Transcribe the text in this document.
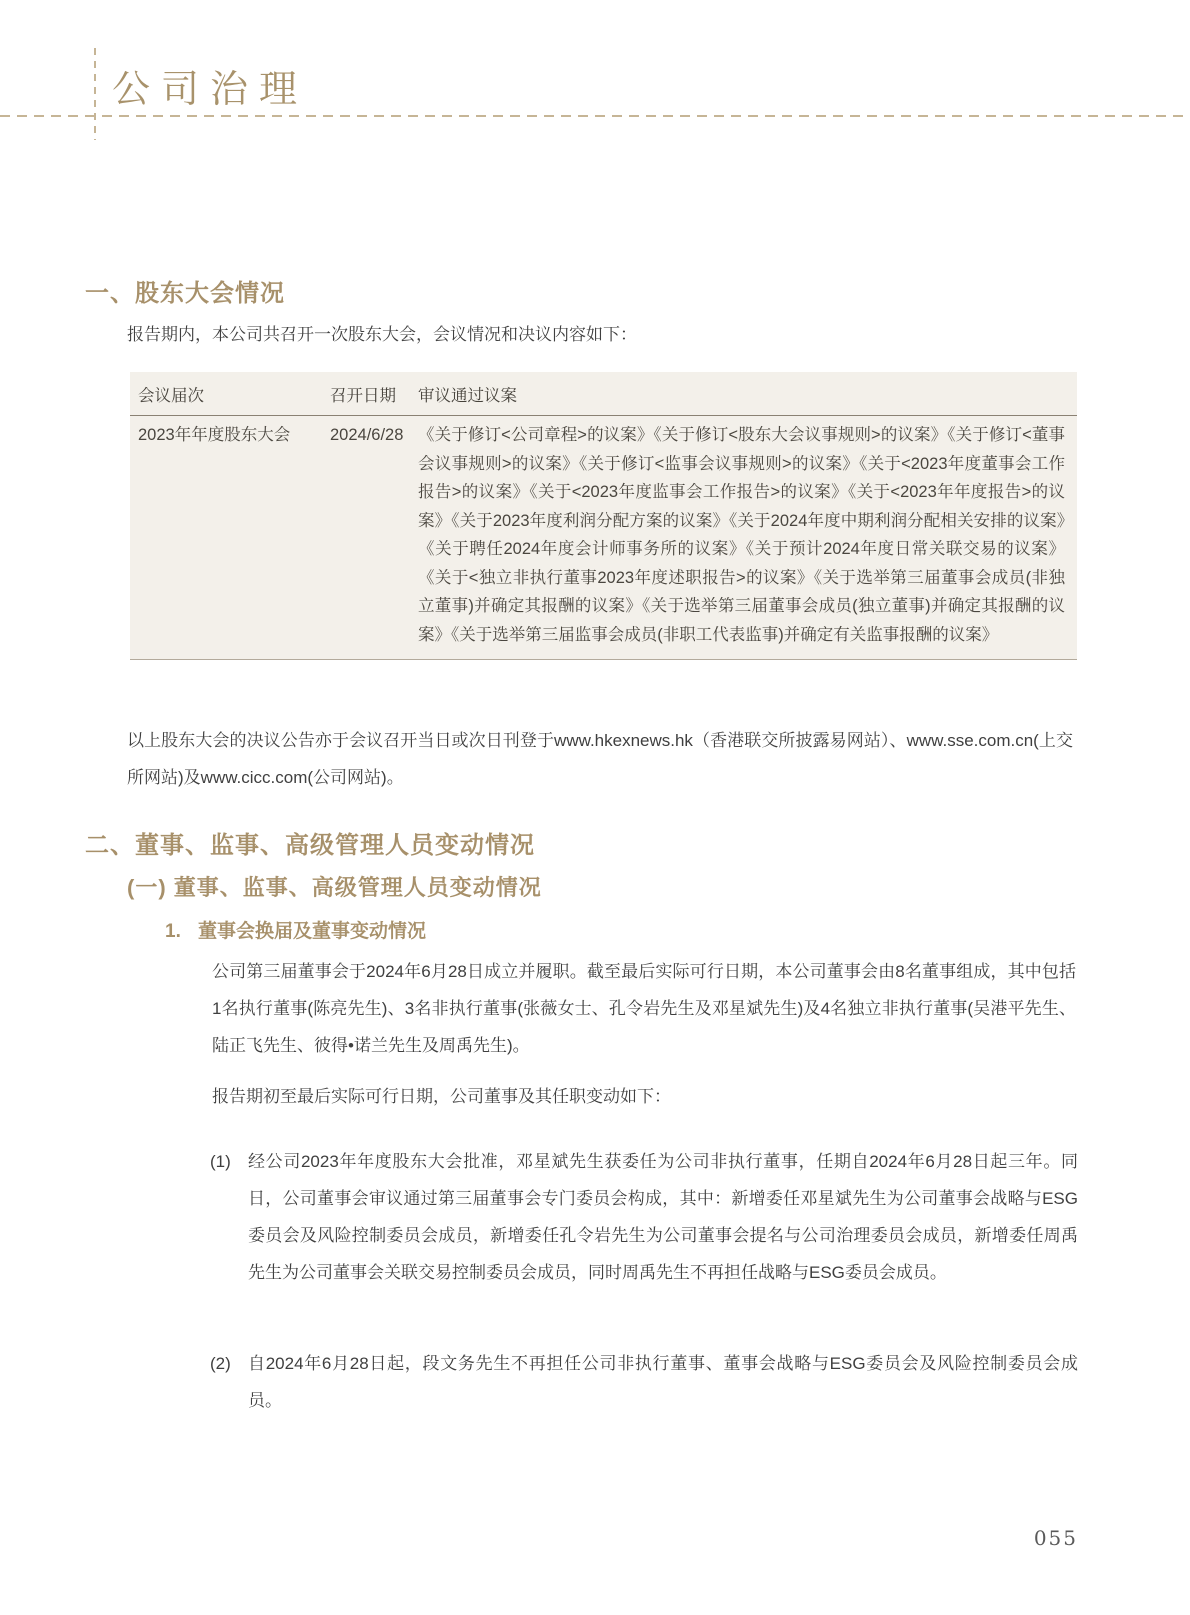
公司治理
一、股东大会情况

报告期内，本公司共召开一次股东大会，会议情况和决议内容如下：

会议届次	召开日期	审议通过议案
2023年年度股东大会	2024/6/28 《关于修订<公司章程>的议案》《关于修订<股东大会议事规则>的议案》《关于修订<董事会议事规则>的议案》《关于修订<监事会议事规则>的议案》《关于<2023年度董事会工作报告>的议案》《关于<2023年度监事会工作报告>的议案》《关于<2023年年度报告>的议案》《关于2023年度利润分配方案的议案》《关于2024年度中期利润分配相关安排的议案》《关于聘任2024年度会计师事务所的议案》《关于预计2024年度日常关联交易的议案》《关于<独立非执行董事2023年度述职报告>的议案》《关于选举第三届董事会成员(非独立董事)并确定其报酬的议案》《关于选举第三届董事会成员(独立董事)并确定其报酬的议案》《关于选举第三届监事会成员(非职工代表监事)并确定有关监事报酬的议案》

以上股东大会的决议公告亦于会议召开当日或次日刊登于www.hkexnews.hk（香港联交所披露易网站）、www.sse.com.cn(上交所网站)及www.cicc.com(公司网站)。

二、董事、监事、高级管理人员变动情况
(一) 董事、监事、高级管理人员变动情况
1. 董事会换届及董事变动情况

公司第三届董事会于2024年6月28日成立并履职。截至最后实际可行日期，本公司董事会由8名董事组成，其中包括1名执行董事(陈亮先生)、3名非执行董事(张薇女士、孔令岩先生及邓星斌先生)及4名独立非执行董事(吴港平先生、陆正飞先生、彼得•诺兰先生及周禹先生)。

报告期初至最后实际可行日期，公司董事及其任职变动如下：

(1)	经公司2023年年度股东大会批准，邓星斌先生获委任为公司非执行董事，任期自2024年6月28日起三年。同日，公司董事会审议通过第三届董事会专门委员会构成，其中：新增委任邓星斌先生为公司董事会战略与ESG委员会及风险控制委员会成员，新增委任孔令岩先生为公司董事会提名与公司治理委员会成员，新增委任周禹先生为公司董事会关联交易控制委员会成员，同时周禹先生不再担任战略与ESG委员会成员。
(2)	自2024年6月28日起，段文务先生不再担任公司非执行董事、董事会战略与ESG委员会及风险控制委员会成员。
055
